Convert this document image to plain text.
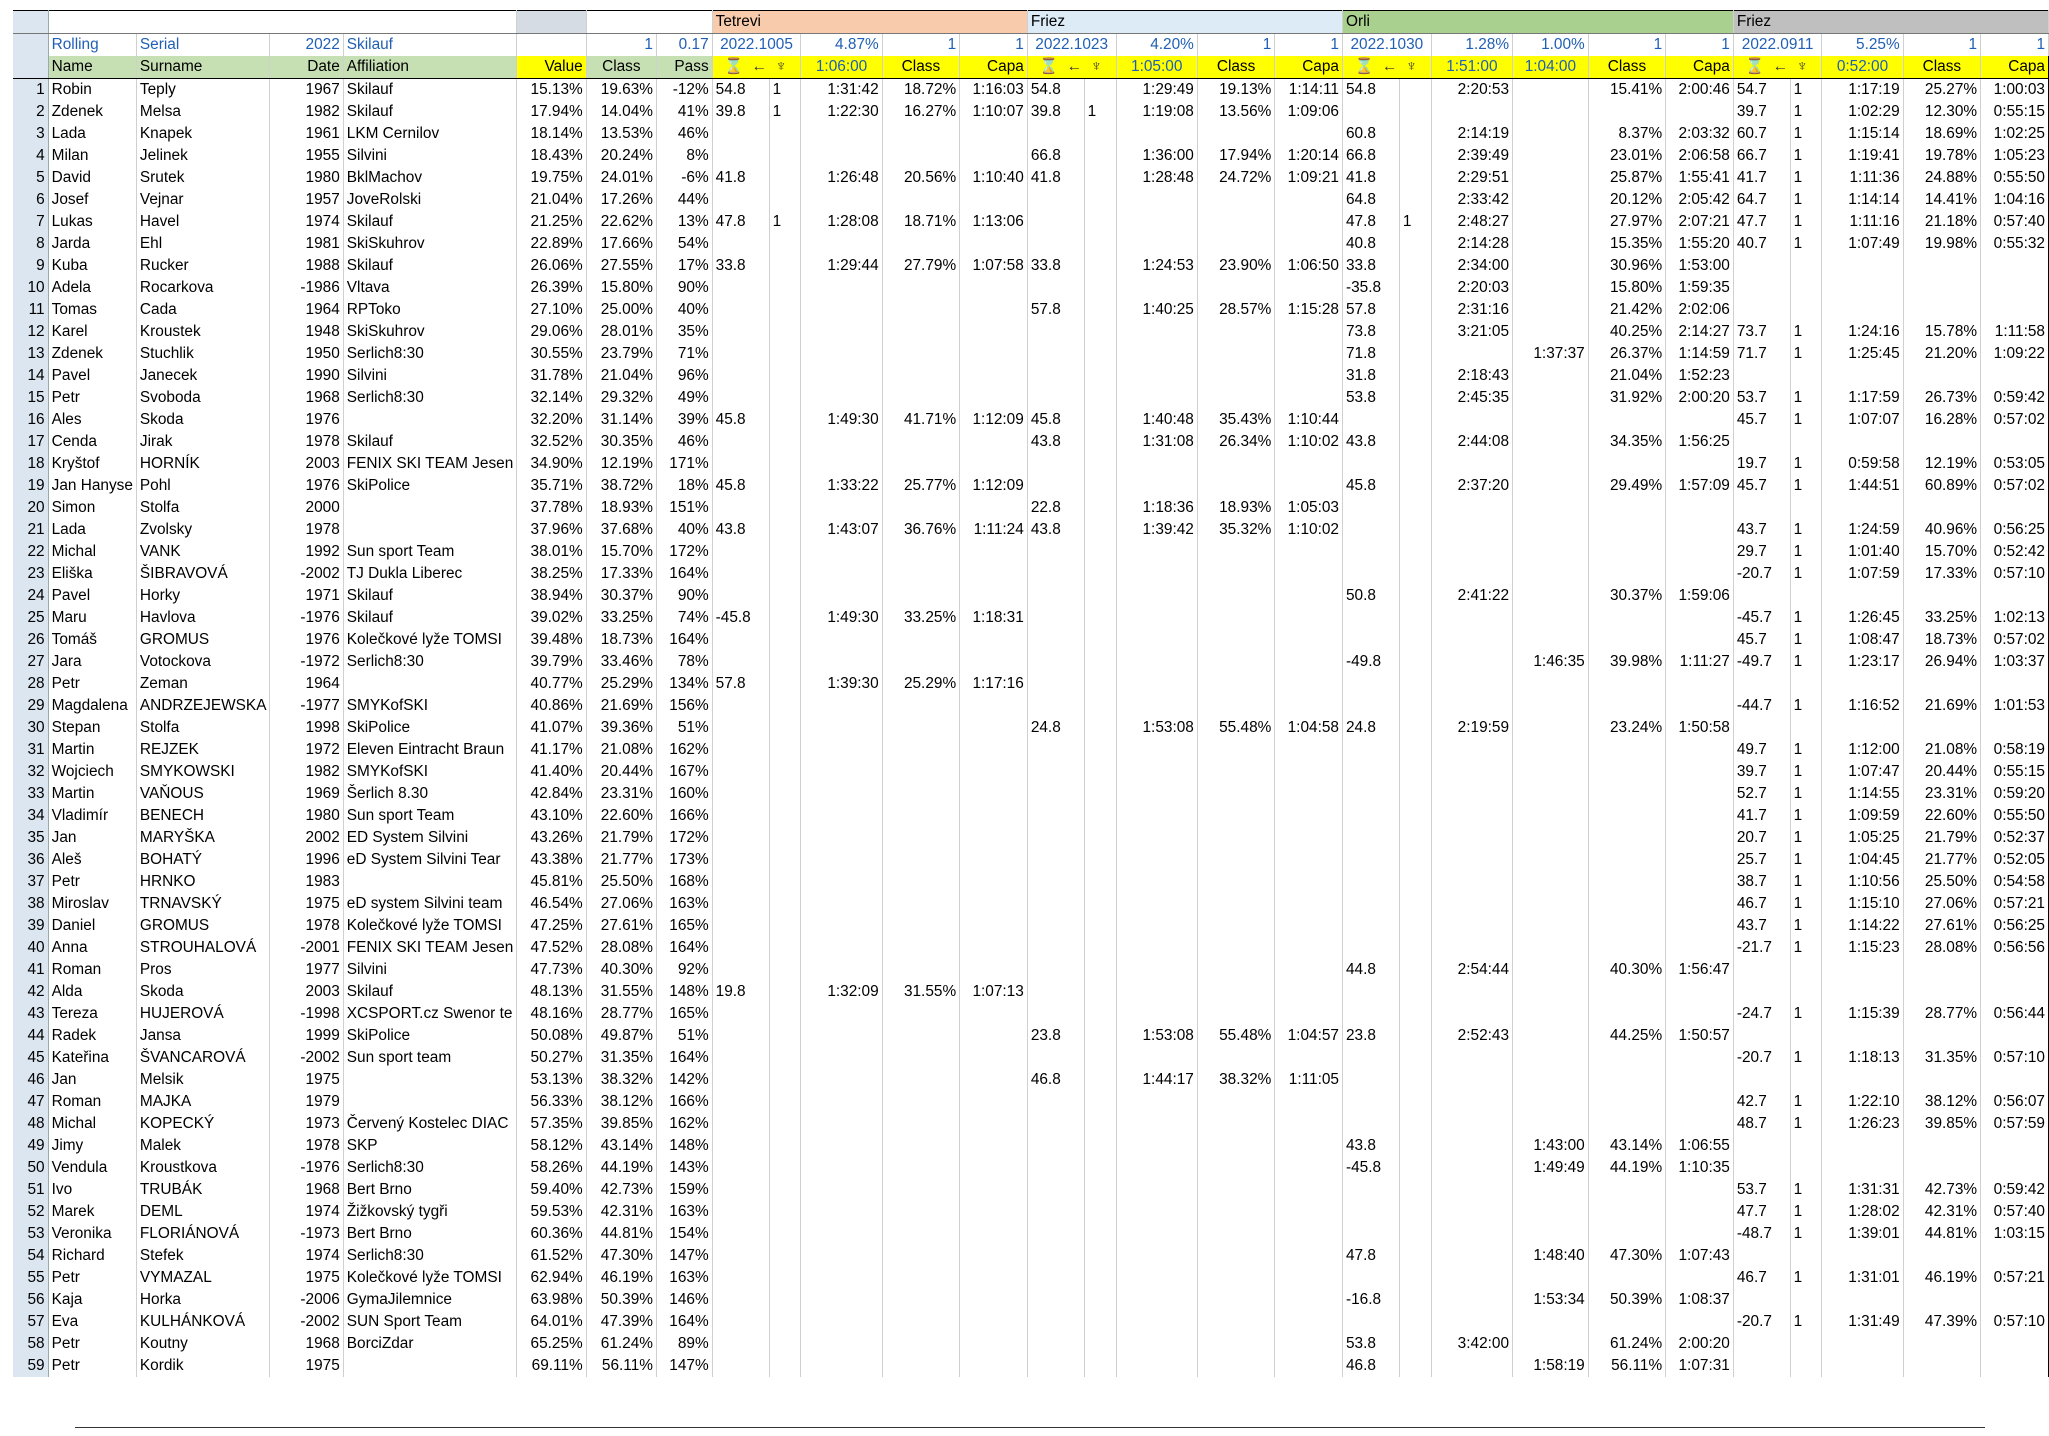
								Tetrevi					Friez					Orli						Friez				
	Rolling	Serial	2022	Skilauf		1	0.17	2022.1005		4.87%	1	1	2022.1023		4.20%	1	1	2022.1030		1.28%	1.00%	1	1	2022.0911		5.25%	1	1
	Name	Surname	Date	Affiliation	Value	Class	Pass	⌛ ← ♆		1:06:00	Class	Capa	⌛ ← ♆		1:05:00	Class	Capa	⌛ ← ♆		1:51:00	1:04:00	Class	Capa	⌛ ← ♆		0:52:00	Class	Capa
1	Robin	Teply	1967	Skilauf	15.13%	19.63%	-12%	54.8	1	1:31:42	18.72%	1:16:03	54.8		1:29:49	19.13%	1:14:11	54.8		2:20:53		15.41%	2:00:46	54.7	1	1:17:19	25.27%	1:00:03
2	Zdenek	Melsa	1982	Skilauf	17.94%	14.04%	41%	39.8	1	1:22:30	16.27%	1:10:07	39.8	1	1:19:08	13.56%	1:09:06							39.7	1	1:02:29	12.30%	0:55:15
3	Lada	Knapek	1961	LKM Cernilov	18.14%	13.53%	46%											60.8		2:14:19		8.37%	2:03:32	60.7	1	1:15:14	18.69%	1:02:25
4	Milan	Jelinek	1955	Silvini	18.43%	20.24%	8%						66.8		1:36:00	17.94%	1:20:14	66.8		2:39:49		23.01%	2:06:58	66.7	1	1:19:41	19.78%	1:05:23
5	David	Srutek	1980	BklMachov	19.75%	24.01%	-6%	41.8		1:26:48	20.56%	1:10:40	41.8		1:28:48	24.72%	1:09:21	41.8		2:29:51		25.87%	1:55:41	41.7	1	1:11:36	24.88%	0:55:50
6	Josef	Vejnar	1957	JoveRolski	21.04%	17.26%	44%											64.8		2:33:42		20.12%	2:05:42	64.7	1	1:14:14	14.41%	1:04:16
7	Lukas	Havel	1974	Skilauf	21.25%	22.62%	13%	47.8	1	1:28:08	18.71%	1:13:06						47.8	1	2:48:27		27.97%	2:07:21	47.7	1	1:11:16	21.18%	0:57:40
8	Jarda	Ehl	1981	SkiSkuhrov	22.89%	17.66%	54%											40.8		2:14:28		15.35%	1:55:20	40.7	1	1:07:49	19.98%	0:55:32
9	Kuba	Rucker	1988	Skilauf	26.06%	27.55%	17%	33.8		1:29:44	27.79%	1:07:58	33.8		1:24:53	23.90%	1:06:50	33.8		2:34:00		30.96%	1:53:00					
10	Adela	Rocarkova	-1986	Vltava	26.39%	15.80%	90%											-35.8		2:20:03		15.80%	1:59:35					
11	Tomas	Cada	1964	RPToko	27.10%	25.00%	40%						57.8		1:40:25	28.57%	1:15:28	57.8		2:31:16		21.42%	2:02:06					
12	Karel	Kroustek	1948	SkiSkuhrov	29.06%	28.01%	35%											73.8		3:21:05		40.25%	2:14:27	73.7	1	1:24:16	15.78%	1:11:58
13	Zdenek	Stuchlik	1950	Serlich8:30	30.55%	23.79%	71%											71.8			1:37:37	26.37%	1:14:59	71.7	1	1:25:45	21.20%	1:09:22
14	Pavel	Janecek	1990	Silvini	31.78%	21.04%	96%											31.8		2:18:43		21.04%	1:52:23					
15	Petr	Svoboda	1968	Serlich8:30	32.14%	29.32%	49%											53.8		2:45:35		31.92%	2:00:20	53.7	1	1:17:59	26.73%	0:59:42
16	Ales	Skoda	1976		32.20%	31.14%	39%	45.8		1:49:30	41.71%	1:12:09	45.8		1:40:48	35.43%	1:10:44							45.7	1	1:07:07	16.28%	0:57:02
17	Cenda	Jirak	1978	Skilauf	32.52%	30.35%	46%						43.8		1:31:08	26.34%	1:10:02	43.8		2:44:08		34.35%	1:56:25					
18	Kryštof	HORNÍK	2003	FENIX SKI TEAM Jesen	34.90%	12.19%	171%																	19.7	1	0:59:58	12.19%	0:53:05
19	Jan Hanyse	Pohl	1976	SkiPolice	35.71%	38.72%	18%	45.8		1:33:22	25.77%	1:12:09						45.8		2:37:20		29.49%	1:57:09	45.7	1	1:44:51	60.89%	0:57:02
20	Simon	Stolfa	2000		37.78%	18.93%	151%						22.8		1:18:36	18.93%	1:05:03											
21	Lada	Zvolsky	1978		37.96%	37.68%	40%	43.8		1:43:07	36.76%	1:11:24	43.8		1:39:42	35.32%	1:10:02							43.7	1	1:24:59	40.96%	0:56:25
22	Michal	VANK	1992	Sun sport Team	38.01%	15.70%	172%																	29.7	1	1:01:40	15.70%	0:52:42
23	Eliška	ŠIBRAVOVÁ	-2002	TJ Dukla Liberec	38.25%	17.33%	164%																	-20.7	1	1:07:59	17.33%	0:57:10
24	Pavel	Horky	1971	Skilauf	38.94%	30.37%	90%											50.8		2:41:22		30.37%	1:59:06					
25	Maru	Havlova	-1976	Skilauf	39.02%	33.25%	74%	-45.8		1:49:30	33.25%	1:18:31												-45.7	1	1:26:45	33.25%	1:02:13
26	Tomáš	GROMUS	1976	Kolečkové lyže TOMSI	39.48%	18.73%	164%																	45.7	1	1:08:47	18.73%	0:57:02
27	Jara	Votockova	-1972	Serlich8:30	39.79%	33.46%	78%											-49.8			1:46:35	39.98%	1:11:27	-49.7	1	1:23:17	26.94%	1:03:37
28	Petr	Zeman	1964		40.77%	25.29%	134%	57.8		1:39:30	25.29%	1:17:16																
29	Magdalena	ANDRZEJEWSKA	-1977	SMYKofSKI	40.86%	21.69%	156%																	-44.7	1	1:16:52	21.69%	1:01:53
30	Stepan	Stolfa	1998	SkiPolice	41.07%	39.36%	51%						24.8		1:53:08	55.48%	1:04:58	24.8		2:19:59		23.24%	1:50:58					
31	Martin	REJZEK	1972	Eleven Eintracht Braun	41.17%	21.08%	162%																	49.7	1	1:12:00	21.08%	0:58:19
32	Wojciech	SMYKOWSKI	1982	SMYKofSKI	41.40%	20.44%	167%																	39.7	1	1:07:47	20.44%	0:55:15
33	Martin	VAŇOUS	1969	Šerlich 8.30	42.84%	23.31%	160%																	52.7	1	1:14:55	23.31%	0:59:20
34	Vladimír	BENECH	1980	Sun sport Team	43.10%	22.60%	166%																	41.7	1	1:09:59	22.60%	0:55:50
35	Jan	MARYŠKA	2002	ED System Silvini	43.26%	21.79%	172%																	20.7	1	1:05:25	21.79%	0:52:37
36	Aleš	BOHATÝ	1996	eD System Silvini Tear	43.38%	21.77%	173%																	25.7	1	1:04:45	21.77%	0:52:05
37	Petr	HRNKO	1983		45.81%	25.50%	168%																	38.7	1	1:10:56	25.50%	0:54:58
38	Miroslav	TRNAVSKÝ	1975	eD system Silvini team	46.54%	27.06%	163%																	46.7	1	1:15:10	27.06%	0:57:21
39	Daniel	GROMUS	1978	Kolečkové lyže TOMSI	47.25%	27.61%	165%																	43.7	1	1:14:22	27.61%	0:56:25
40	Anna	STROUHALOVÁ	-2001	FENIX SKI TEAM Jesen	47.52%	28.08%	164%																	-21.7	1	1:15:23	28.08%	0:56:56
41	Roman	Pros	1977	Silvini	47.73%	40.30%	92%											44.8		2:54:44		40.30%	1:56:47					
42	Alda	Skoda	2003	Skilauf	48.13%	31.55%	148%	19.8		1:32:09	31.55%	1:07:13																
43	Tereza	HUJEROVÁ	-1998	XCSPORT.cz Swenor te	48.16%	28.77%	165%																	-24.7	1	1:15:39	28.77%	0:56:44
44	Radek	Jansa	1999	SkiPolice	50.08%	49.87%	51%						23.8		1:53:08	55.48%	1:04:57	23.8		2:52:43		44.25%	1:50:57					
45	Kateřina	ŠVANCAROVÁ	-2002	Sun sport team	50.27%	31.35%	164%																	-20.7	1	1:18:13	31.35%	0:57:10
46	Jan	Melsik	1975		53.13%	38.32%	142%						46.8		1:44:17	38.32%	1:11:05											
47	Roman	MAJKA	1979		56.33%	38.12%	166%																	42.7	1	1:22:10	38.12%	0:56:07
48	Michal	KOPECKÝ	1973	Červený Kostelec DIAC	57.35%	39.85%	162%																	48.7	1	1:26:23	39.85%	0:57:59
49	Jimy	Malek	1978	SKP	58.12%	43.14%	148%											43.8			1:43:00	43.14%	1:06:55					
50	Vendula	Kroustkova	-1976	Serlich8:30	58.26%	44.19%	143%											-45.8			1:49:49	44.19%	1:10:35					
51	Ivo	TRUBÁK	1968	Bert Brno	59.40%	42.73%	159%																	53.7	1	1:31:31	42.73%	0:59:42
52	Marek	DEML	1974	Žižkovský tygři	59.53%	42.31%	163%																	47.7	1	1:28:02	42.31%	0:57:40
53	Veronika	FLORIÁNOVÁ	-1973	Bert Brno	60.36%	44.81%	154%																	-48.7	1	1:39:01	44.81%	1:03:15
54	Richard	Stefek	1974	Serlich8:30	61.52%	47.30%	147%											47.8			1:48:40	47.30%	1:07:43					
55	Petr	VYMAZAL	1975	Kolečkové lyže TOMSI	62.94%	46.19%	163%																	46.7	1	1:31:01	46.19%	0:57:21
56	Kaja	Horka	-2006	GymaJilemnice	63.98%	50.39%	146%											-16.8			1:53:34	50.39%	1:08:37					
57	Eva	KULHÁNKOVÁ	-2002	SUN Sport Team	64.01%	47.39%	164%																	-20.7	1	1:31:49	47.39%	0:57:10
58	Petr	Koutny	1968	BorciZdar	65.25%	61.24%	89%											53.8		3:42:00		61.24%	2:00:20					
59	Petr	Kordik	1975		69.11%	56.11%	147%											46.8			1:58:19	56.11%	1:07:31					
